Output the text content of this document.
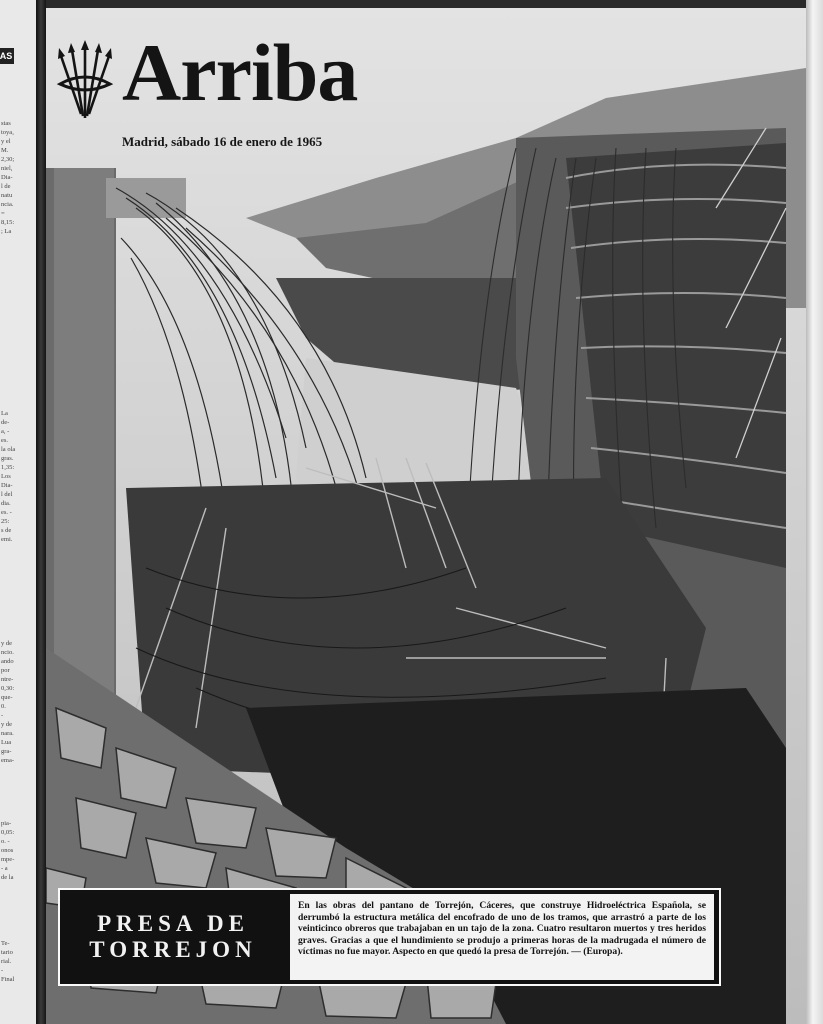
AS
stas
toya,
y el
M.
2,30;
niel,
Dia-
l de
natu
ncia.
=
8,15:
; La
La
de-
a, -
es.
la ola
gras.
1,35:
Los
Dia-
l del
dia.
es. -
25:
s de
emi.
y de
ncio.
ando
por
ntre-
0,30:
que-
0.
-
y de
nara.
Lua
gra-
ema-
pia-
0,05:
o. -
onos
mpe-
- a
de la
Te-
tario
rial.
-
Final
Arriba
Madrid, sábado 16 de enero de 1965
PRESA DE
TORREJON
En las obras del pantano de Torrejón, Cáceres, que construye Hidroeléctrica Española, se derrumbó la estructura metálica del encofrado de uno de los tramos, que arrastró a parte de los veinticinco obreros que trabajaban en un tajo de la zona. Cuatro resultaron muertos y tres heridos graves. Gracias a que el hundimiento se produjo a primeras horas de la madrugada el número de víctimas no fue mayor. Aspecto en que quedó la presa de Torrejón. — (Europa).
